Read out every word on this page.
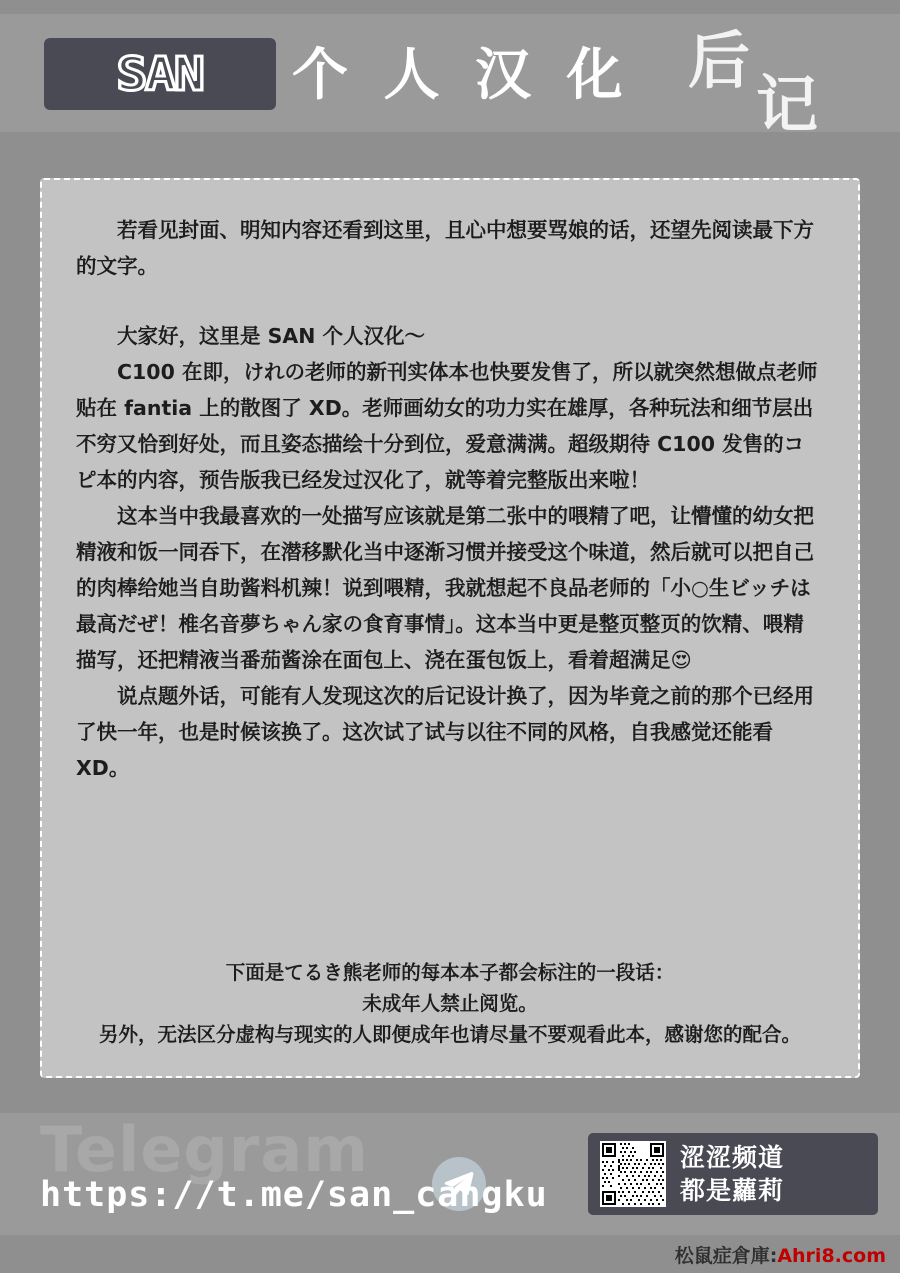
SAN 个 人 汉 化 后
记

若看见封面、明知内容还看到这里，且心中想要骂娘的话，还望先阅读最下方的文字。

大家好，这里是 SAN 个人汉化～

C100 在即，けれの老师的新刊实体本也快要发售了，所以就突然想做点老师贴在 fantia 上的散图了 XD。老师画幼女的功力实在雄厚，各种玩法和细节层出不穷又恰到好处，而且姿态描绘十分到位，爱意满满。超级期待 C100 发售的コピ本的内容，预告版我已经发过汉化了，就等着完整版出来啦！

这本当中我最喜欢的一处描写应该就是第二张中的喂精了吧，让懵懂的幼女把精液和饭一同吞下，在潜移默化当中逐渐习惯并接受这个味道，然后就可以把自己的肉棒给她当自助酱料机辣！说到喂精，我就想起不良品老师的「小○生ビッチは最高だぜ！椎名音夢ちゃん家の食育事情」。这本当中更是整页整页的饮精、喂精描写，还把精液当番茄酱涂在面包上、浇在蛋包饭上，看着超满足😍

说点题外话，可能有人发现这次的后记设计换了，因为毕竟之前的那个已经用了快一年，也是时候该换了。这次试了试与以往不同的风格，自我感觉还能看 XD。

下面是てるき熊老师的每本本子都会标注的一段话：
未成年人禁止阅览。
另外，无法区分虚构与现实的人即便成年也请尽量不要观看此本，感谢您的配合。
Telegram
https://t.me/san_cangku
涩涩频道
都是蘿莉
松鼠症倉庫:Ahri8.com
